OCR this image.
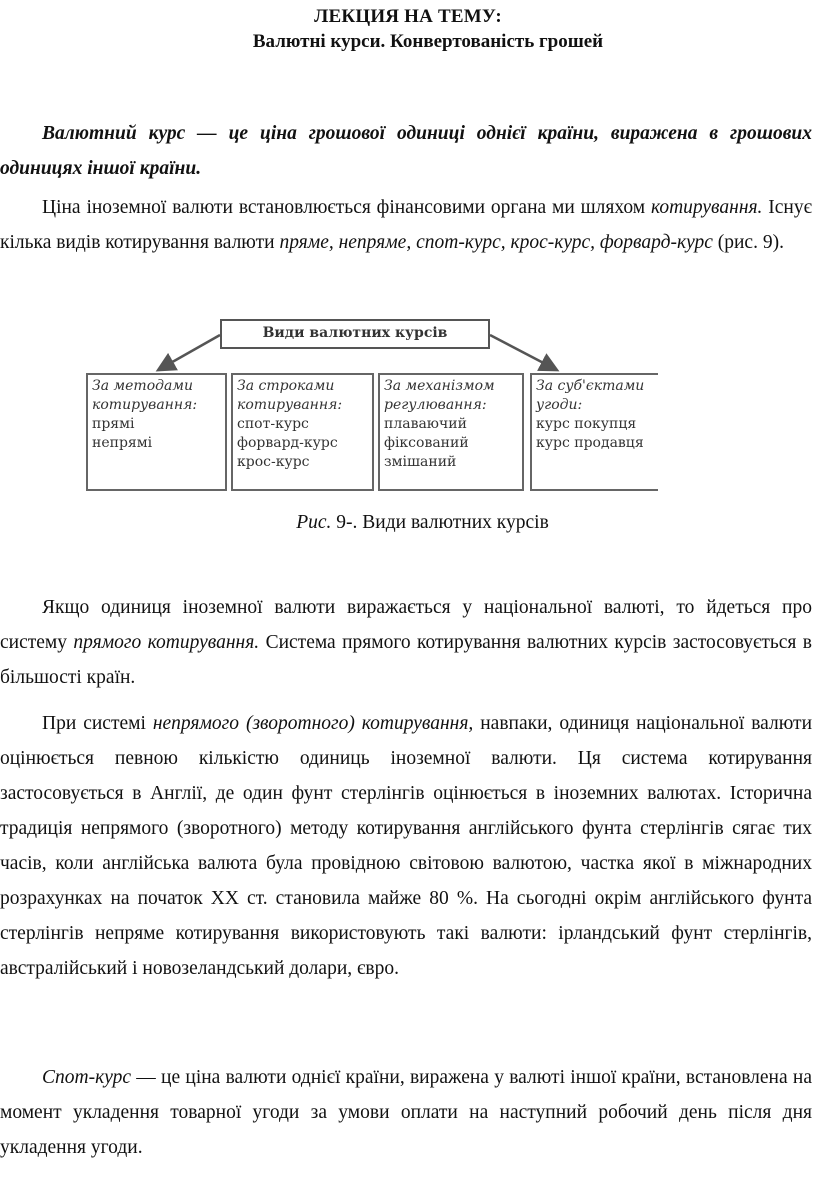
ЛЕКЦИЯ НА ТЕМУ:
Валютні курси. Конвертованість грошей
Валютний курс — це ціна грошової одиниці однієї країни, виражена в грошових одиницях іншої країни.
Ціна іноземної валюти встановлюється фінансовими органа ми шляхом котирування. Існує кілька видів котирування валюти пряме, непряме, спот-курс, крос-курс, форвард-курс (рис. 9).
Види валютних курсів
За методами
котирування:
прямі
непрямі
За строками
котирування:
спот-курс
форвард-курс
крос-курс
За механізмом
регулювання:
плаваючий
фіксований
змішаний
За суб'єктами
угоди:
курс покупця
курс продавця
Рис. 9-. Види валютних курсів
Якщо одиниця іноземної валюти виражається у національної валюті, то йдеться про систему прямого котирування. Система прямого котирування валютних курсів застосовується в більшості країн.
При системі непрямого (зворотного) котирування, навпаки, одиниця національної валюти оцінюється певною кількістю одиниць іноземної валюти. Ця система котирування застосовується в Англії, де один фунт стерлінгів оцінюється в іноземних валютах. Історична традиція непрямого (зворотного) методу котирування англійського фунта стерлінгів сягає тих часів, коли англійська валюта була провідною світовою валютою, частка якої в міжнародних розрахунках на початок ХХ ст. становила майже 80 %. На сьогодні окрім англійського фунта стерлінгів непряме котирування використовують такі валюти: ірландський фунт стерлінгів, австралійський і новозеландський долари, євро.
Спот-курс — це ціна валюти однієї країни, виражена у валюті іншої країни, встановлена на момент укладення товарної угоди за умови оплати на наступний робочий день після дня укладення угоди.
